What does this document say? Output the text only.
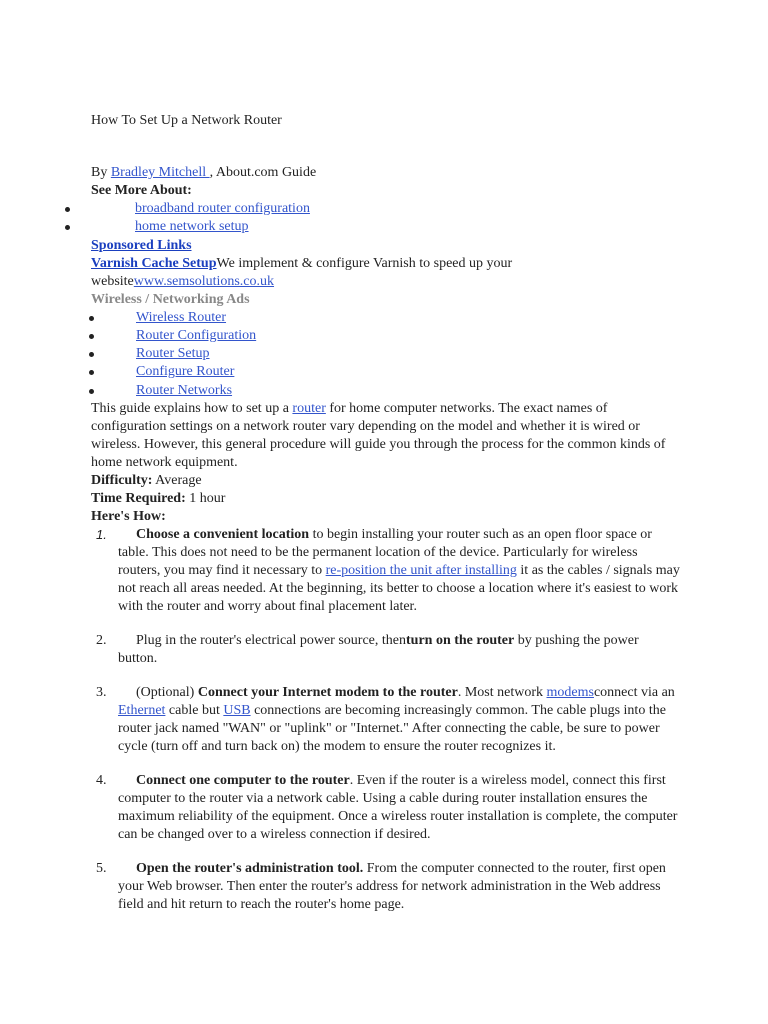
How To Set Up a Network Router
By Bradley Mitchell , About.com Guide
See More About:
broadband router configuration
home network setup
Sponsored Links
Varnish Cache SetupWe implement & configure Varnish to speed up your
websitewww.semsolutions.co.uk
Wireless / Networking Ads
Wireless Router
Router Configuration
Router Setup
Configure Router
Router Networks

This guide explains how to set up a router for home computer networks. The exact names of configuration settings on a network router vary depending on the model and whether it is wired or wireless. However, this general procedure will guide you through the process for the common kinds of home network equipment.

Difficulty: Average
Time Required: 1 hour
Here's How:
1.	Choose a convenient location to begin installing your router such as an open floor space or table. This does not need to be the permanent location of the device. Particularly for wireless routers, you may find it necessary to re-position the unit after installing it as the cables / signals may not reach all areas needed. At the beginning, its better to choose a location where it's easiest to work with the router and worry about final placement later.
2.	Plug in the router's electrical power source, thenturn on the router by pushing the power button.
3.	(Optional) Connect your Internet modem to the router. Most network modemsconnect via an Ethernet cable but USB connections are becoming increasingly common. The cable plugs into the router jack named "WAN" or "uplink" or "Internet." After connecting the cable, be sure to power cycle (turn off and turn back on) the modem to ensure the router recognizes it.
4.	Connect one computer to the router. Even if the router is a wireless model, connect this first computer to the router via a network cable. Using a cable during router installation ensures the maximum reliability of the equipment. Once a wireless router installation is complete, the computer can be changed over to a wireless connection if desired.
5.	Open the router's administration tool. From the computer connected to the router, first open your Web browser. Then enter the router's address for network administration in the Web address field and hit return to reach the router's home page.
